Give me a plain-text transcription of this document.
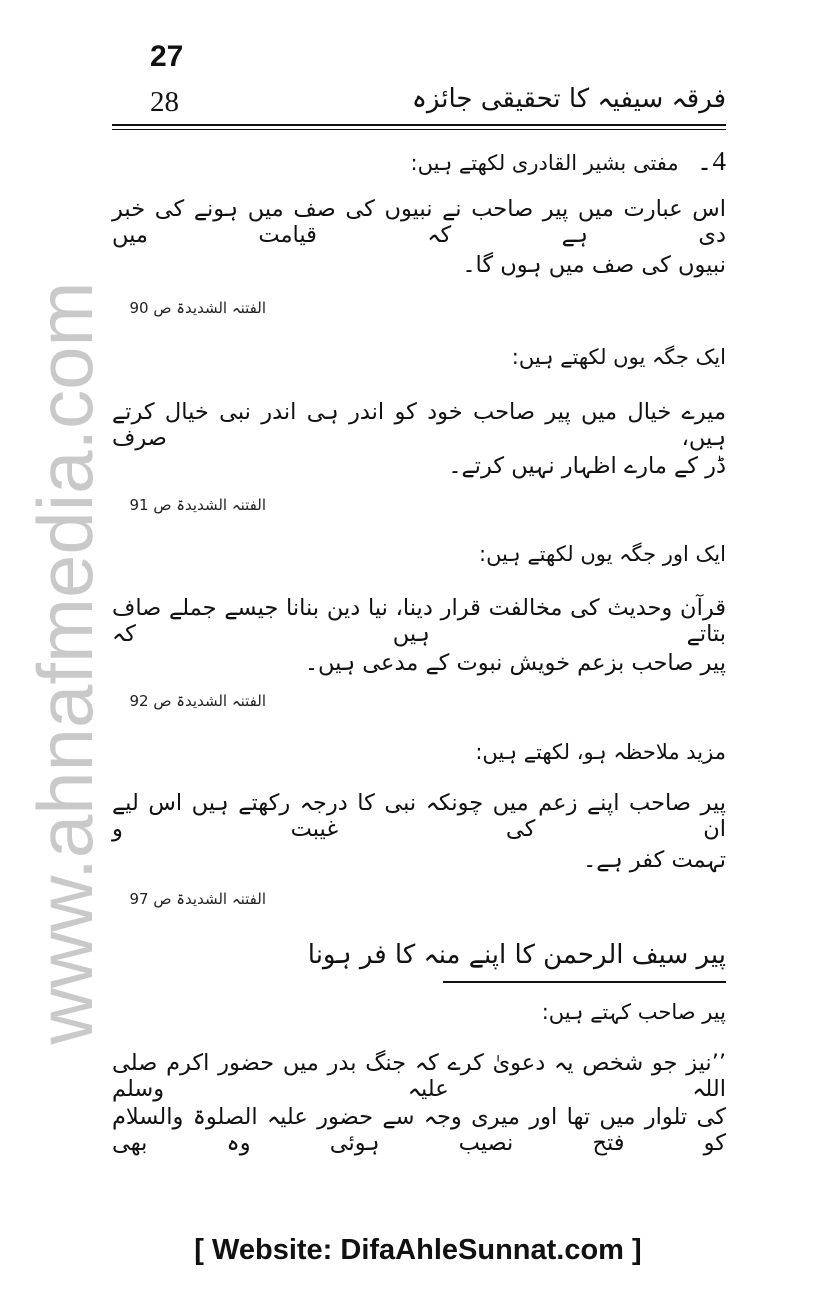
www.ahnafmedia.com
27
28	فرقہ سیفیہ کا تحقیقی جائزہ
4۔مفتی بشیر القادری لکھتے ہیں:
اس عبارت میں پیر صاحب نے نبیوں کی صف میں ہونے کی خبر دی ہے کہ قیامت میں
نبیوں کی صف میں ہوں گا۔
الفتنہ الشدیدۃ ص 90
ایک جگہ یوں لکھتے ہیں:
میرے خیال میں پیر صاحب خود کو اندر ہی اندر نبی خیال کرتے ہیں، صرف
ڈر کے مارے اظہار نہیں کرتے۔
الفتنہ الشدیدۃ ص 91
ایک اور جگہ یوں لکھتے ہیں:
قرآن وحدیث کی مخالفت قرار دینا، نیا دین بنانا جیسے جملے صاف بتاتے ہیں کہ
پیر صاحب بزعم خویش نبوت کے مدعی ہیں۔
الفتنہ الشدیدۃ ص 92
مزید ملاحظہ ہو، لکھتے ہیں:
پیر صاحب اپنے زعم میں چونکہ نبی کا درجہ رکھتے ہیں اس لیے ان کی غیبت و
تہمت کفر ہے۔
الفتنہ الشدیدۃ ص 97
پیر سیف الرحمن کا اپنے منہ کا فر ہونا
پیر صاحب کہتے ہیں:
’’نیز جو شخص یہ دعویٰ کرے کہ جنگ بدر میں حضور اکرم صلی اللہ علیہ وسلم
کی تلوار میں تھا اور میری وجہ سے حضور علیہ الصلوۃ والسلام کو فتح نصیب ہوئی وہ بھی
[ Website: DifaAhleSunnat.com ]
